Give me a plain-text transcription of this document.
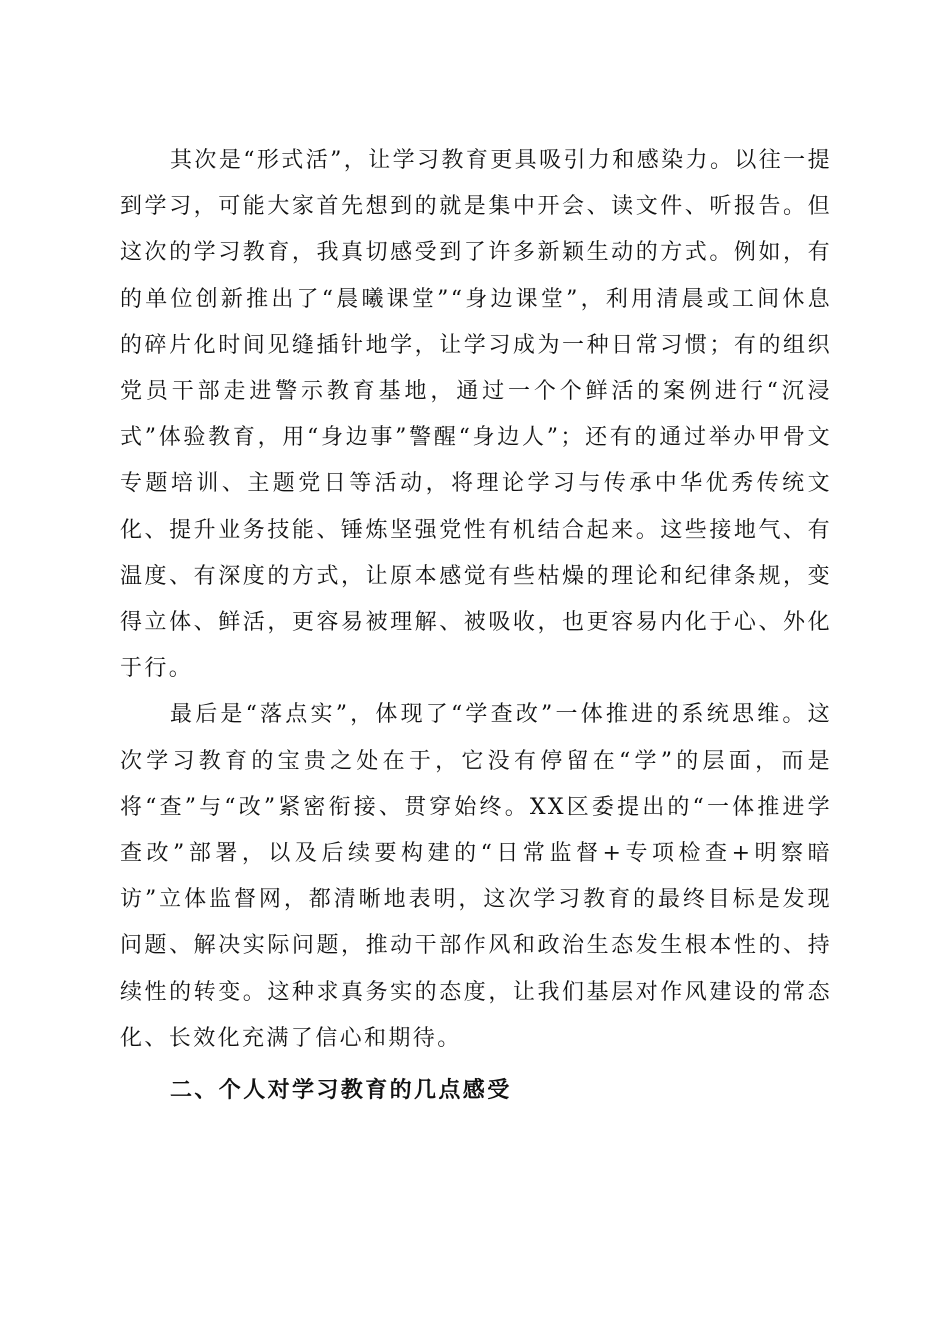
其次是“形式活”，让学习教育更具吸引力和感染力。以往一提到学习，可能大家首先想到的就是集中开会、读文件、听报告。但这次的学习教育，我真切感受到了许多新颖生动的方式。例如，有的单位创新推出了“晨曦课堂”“身边课堂”，利用清晨或工间休息的碎片化时间见缝插针地学，让学习成为一种日常习惯；有的组织党员干部走进警示教育基地，通过一个个鲜活的案例进行“沉浸式”体验教育，用“身边事”警醒“身边人”；还有的通过举办甲骨文专题培训、主题党日等活动，将理论学习与传承中华优秀传统文化、提升业务技能、锤炼坚强党性有机结合起来。这些接地气、有温度、有深度的方式，让原本感觉有些枯燥的理论和纪律条规，变得立体、鲜活，更容易被理解、被吸收，也更容易内化于心、外化于行。

最后是“落点实”，体现了“学查改”一体推进的系统思维。这次学习教育的宝贵之处在于，它没有停留在“学”的层面，而是将“查”与“改”紧密衔接、贯穿始终。XX区委提出的“一体推进学查改”部署，以及后续要构建的“日常监督+专项检查+明察暗访”立体监督网，都清晰地表明，这次学习教育的最终目标是发现问题、解决实际问题，推动干部作风和政治生态发生根本性的、持续性的转变。这种求真务实的态度，让我们基层对作风建设的常态化、长效化充满了信心和期待。

二、个人对学习教育的几点感受
